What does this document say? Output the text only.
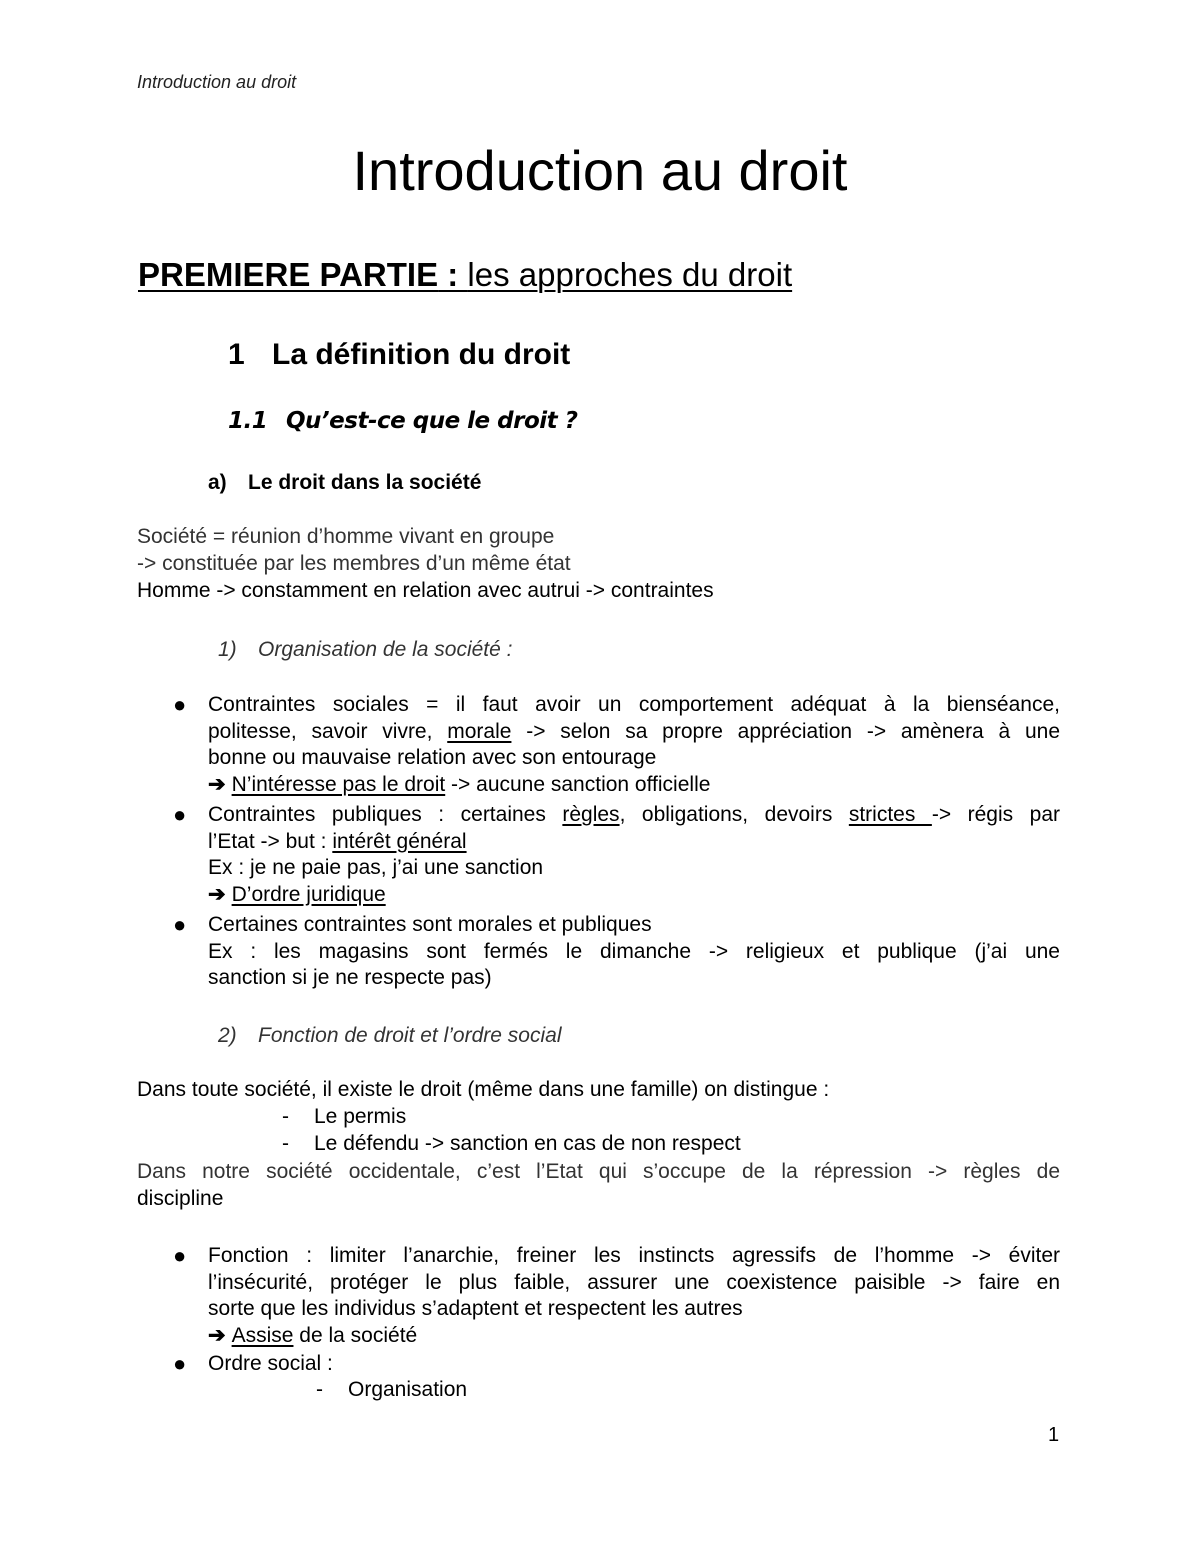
Introduction au droit
Introduction au droit
PREMIERE PARTIE : les approches du droit
1 La définition du droit
1.1 Qu’est-ce que le droit ?
a) Le droit dans la société
Société = réunion d’homme vivant en groupe
-> constituée par les membres d’un même état
Homme -> constamment en relation avec autrui -> contraintes
1) Organisation de la société :
● Contraintes sociales = il faut avoir un comportement adéquat à la bienséance,

politesse, savoir vivre, morale -> selon sa propre appréciation -> amènera à une

bonne ou mauvaise relation avec son entourage

➔ N’intéresse pas le droit -> aucune sanction officielle

● Contraintes publiques : certaines règles, obligations, devoirs strictes -> régis par

l’Etat -> but : intérêt général

Ex : je ne paie pas, j’ai une sanction

➔ D’ordre juridique

● Certaines contraintes sont morales et publiques

Ex : les magasins sont fermés le dimanche -> religieux et publique (j’ai une

sanction si je ne respecte pas)

2) Fonction de droit et l’ordre social
Dans toute société, il existe le droit (même dans une famille) on distingue :
- Le permis
- Le défendu -> sanction en cas de non respect

Dans notre société occidentale, c’est l’Etat qui s’occupe de la répression -> règles de

discipline

● Fonction : limiter l’anarchie, freiner les instincts agressifs de l’homme -> éviter

l’insécurité, protéger le plus faible, assurer une coexistence paisible -> faire en

sorte que les individus s’adaptent et respectent les autres

➔ Assise de la société

● Ordre social :

- Organisation
1
